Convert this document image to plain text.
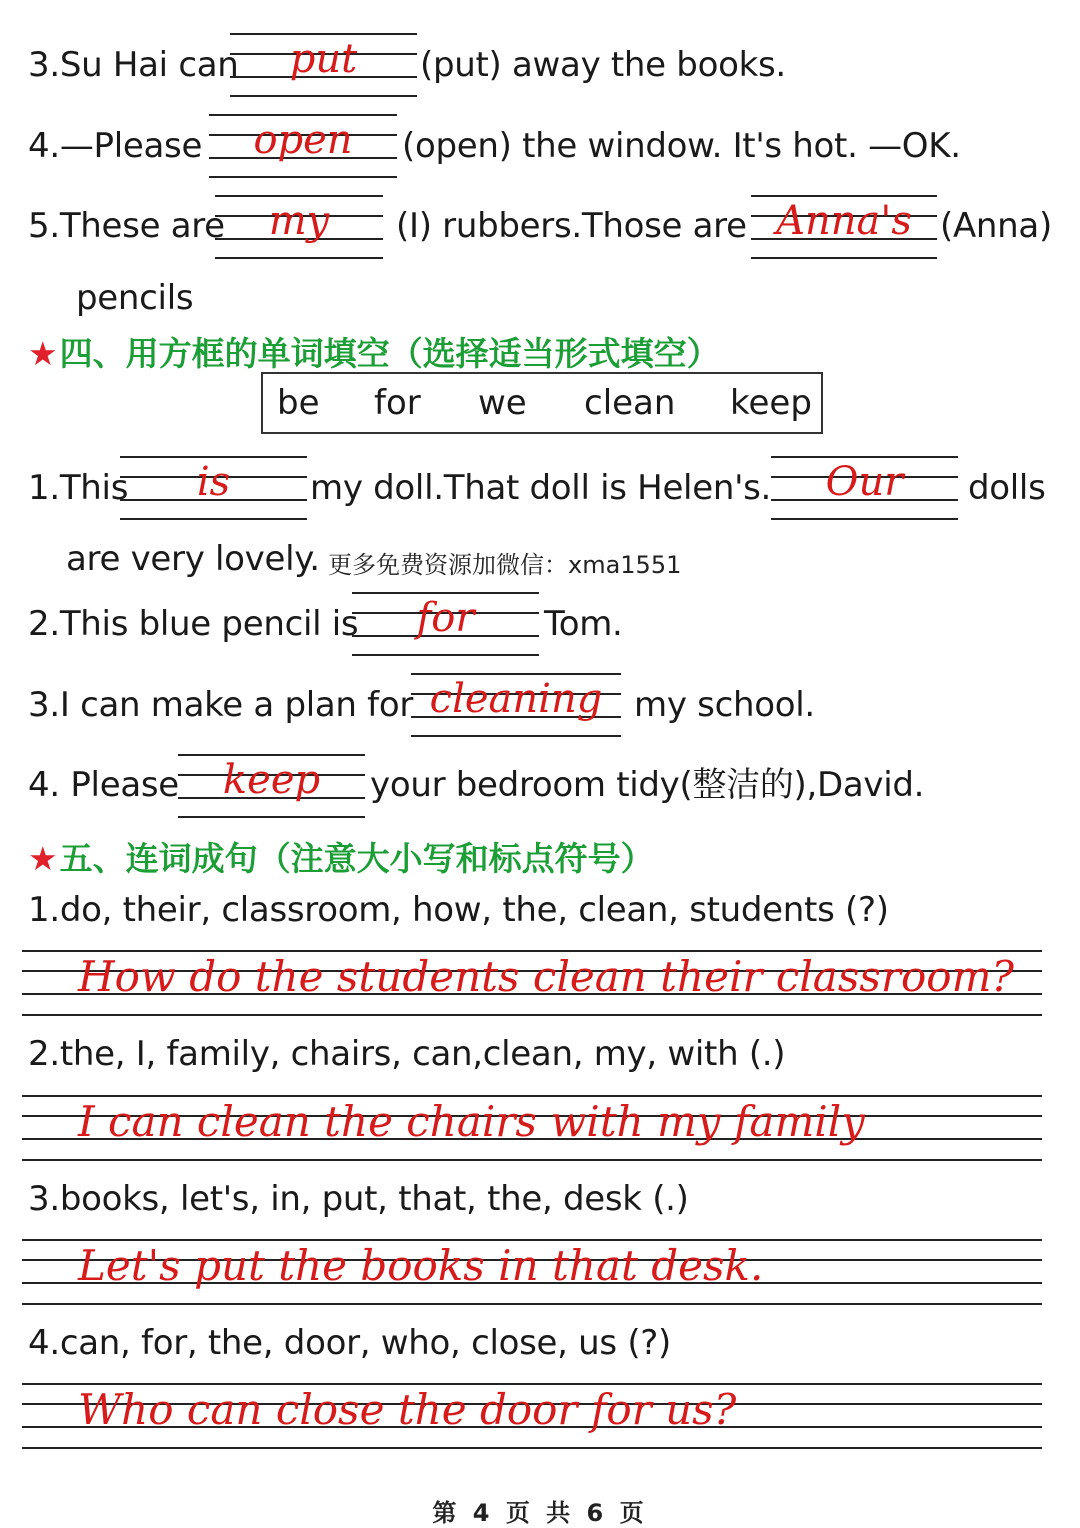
3.Su Hai can	put	(put) away the books.
4.—Please	open	(open) the window. It's hot. —OK.
5.These are	my	(I) rubbers.Those are Anna's (Anna)
pencils
★四、用方框的单词填空（选择适当形式填空）
be for we clean keep
1.This	is	my doll.That doll is Helen's.	Our	dolls
are very lovely. 更多免费资源加微信：xma1551
2.This blue pencil is	for	Tom.
3.I can make a plan for cleaning my school.
4. Please	keep	your bedroom tidy(整洁的),David.
★五、连词成句（注意大小写和标点符号）
1.do, their, classroom, how, the, clean, students (?)
How do the students clean their classroom?
2.the, I, family, chairs, can,clean, my, with (.)
I can clean the chairs with my family
3.books, let's, in, put, that, the, desk (.)
Let's put the books in that desk.
4.can, for, the, door, who, close, us (?)
Who can close the door for us?
第 4 页 共 6 页
